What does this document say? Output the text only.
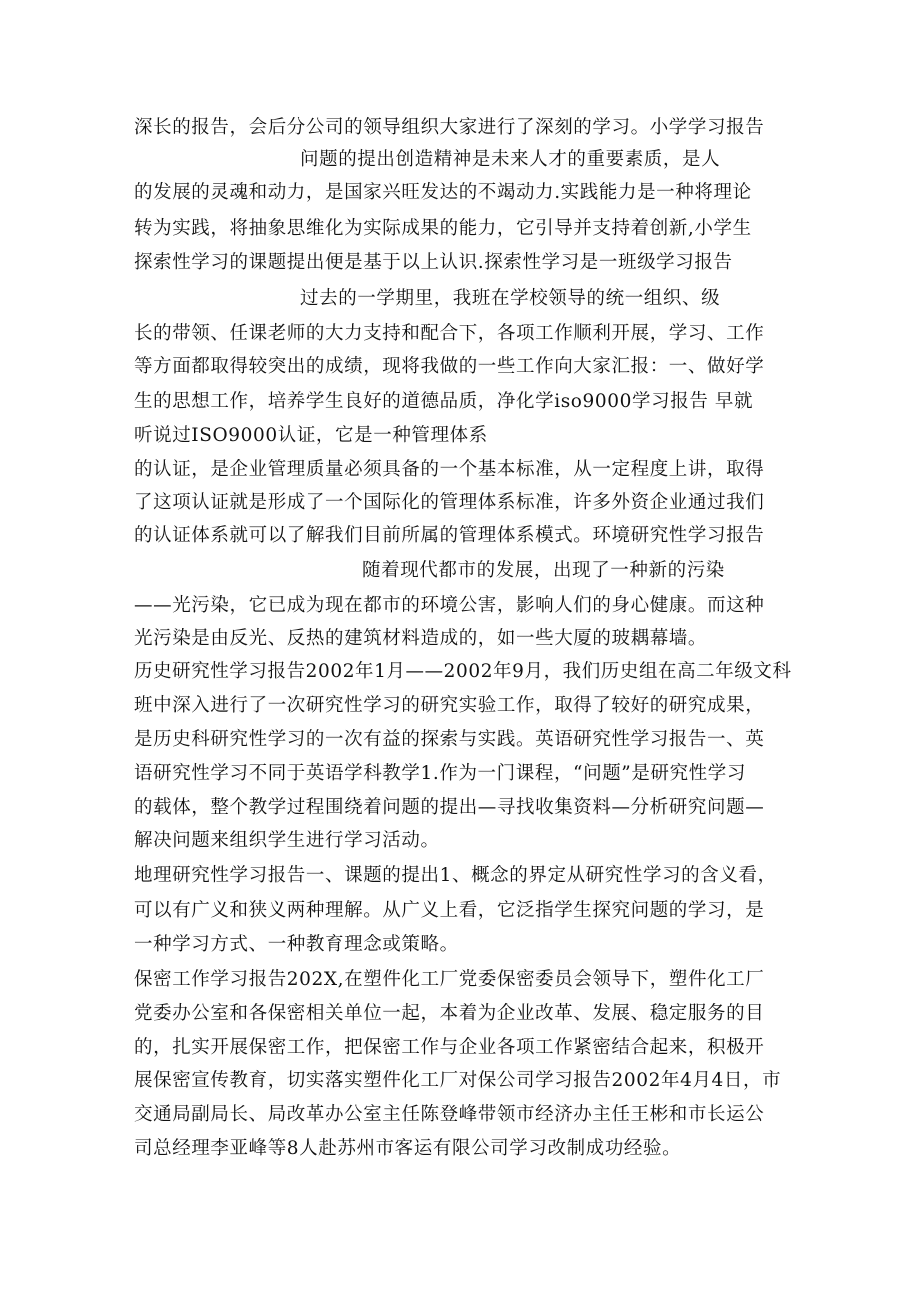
深长的报告，会后分公司的领导组织大家进行了深刻的学习。小学学习报告
问题的提出创造精神是未来人才的重要素质，是人
的发展的灵魂和动力，是国家兴旺发达的不竭动力.实践能力是一种将理论
转为实践，将抽象思维化为实际成果的能力，它引导并支持着创新,小学生
探索性学习的课题提出便是基于以上认识.探索性学习是一班级学习报告
过去的一学期里，我班在学校领导的统一组织、级
长的带领、任课老师的大力支持和配合下，各项工作顺利开展，学习、工作
等方面都取得较突出的成绩，现将我做的一些工作向大家汇报：一、做好学
生的思想工作，培养学生良好的道德品质，净化学iso9000学习报告 早就
听说过ISO9000认证，它是一种管理体系
的认证，是企业管理质量必须具备的一个基本标准，从一定程度上讲，取得
了这项认证就是形成了一个国际化的管理体系标准，许多外资企业通过我们
的认证体系就可以了解我们目前所属的管理体系模式。环境研究性学习报告
随着现代都市的发展，出现了一种新的污染
——光污染，它已成为现在都市的环境公害，影响人们的身心健康。而这种
光污染是由反光、反热的建筑材料造成的，如一些大厦的玻耦幕墙。
历史研究性学习报告2002年1月——2002年9月，我们历史组在高二年级文科
班中深入进行了一次研究性学习的研究实验工作，取得了较好的研究成果，
是历史科研究性学习的一次有益的探索与实践。英语研究性学习报告一、英
语研究性学习不同于英语学科教学1.作为一门课程，“问题”是研究性学习
的载体，整个教学过程围绕着问题的提出—寻找收集资料—分析研究问题—
解决问题来组织学生进行学习活动。
地理研究性学习报告一、课题的提出1、概念的界定从研究性学习的含义看，
可以有广义和狭义两种理解。从广义上看，它泛指学生探究问题的学习，是
一种学习方式、一种教育理念或策略。
保密工作学习报告202X,在塑件化工厂党委保密委员会领导下，塑件化工厂
党委办公室和各保密相关单位一起，本着为企业改革、发展、稳定服务的目
的，扎实开展保密工作，把保密工作与企业各项工作紧密结合起来，积极开
展保密宣传教育，切实落实塑件化工厂对保公司学习报告2002年4月4日，市
交通局副局长、局改革办公室主任陈登峰带领市经济办主任王彬和市长运公
司总经理李亚峰等8人赴苏州市客运有限公司学习改制成功经验。
